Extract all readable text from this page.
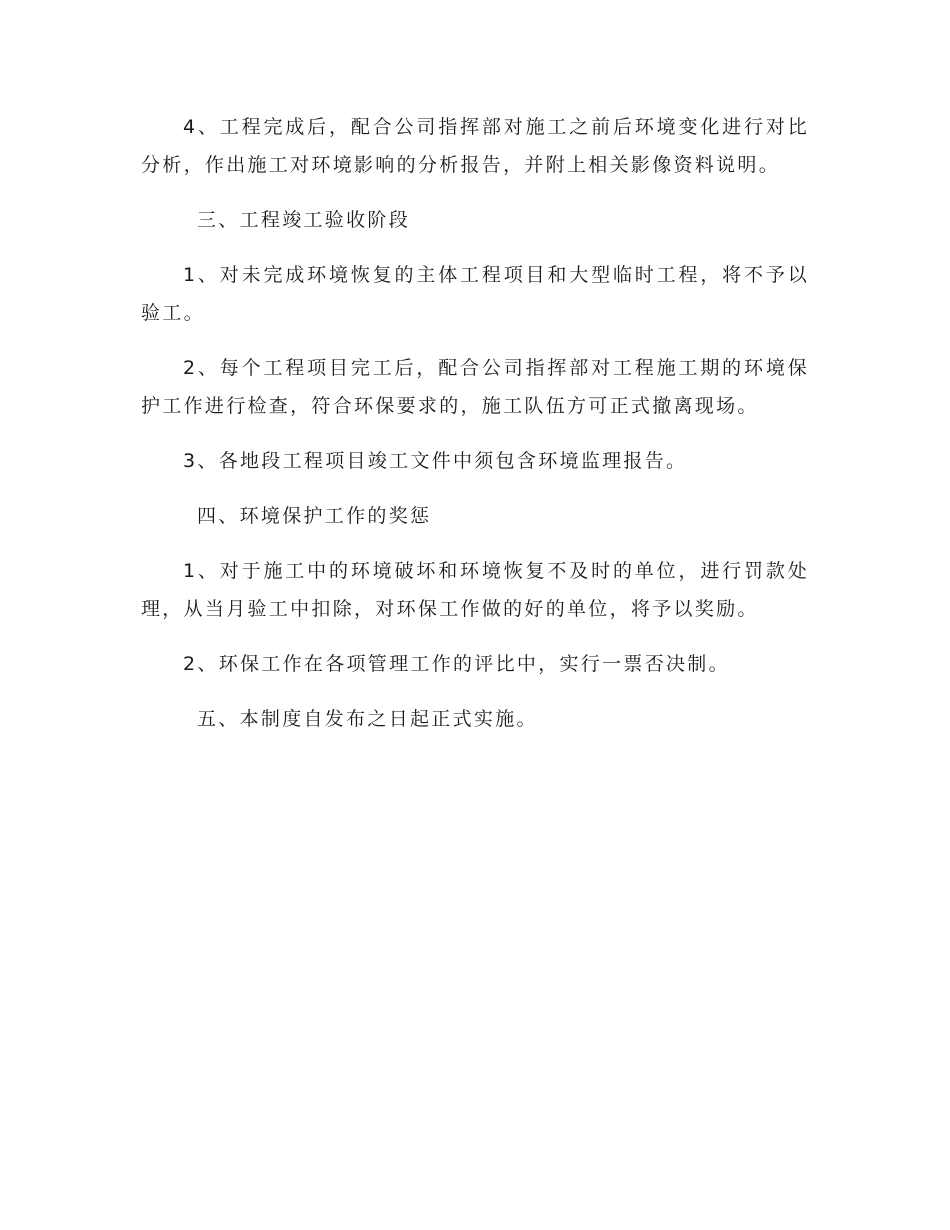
4、工程完成后，配合公司指挥部对施工之前后环境变化进行对比分析，作出施工对环境影响的分析报告，并附上相关影像资料说明。

三、工程竣工验收阶段

1、对未完成环境恢复的主体工程项目和大型临时工程，将不予以验工。

2、每个工程项目完工后，配合公司指挥部对工程施工期的环境保护工作进行检查，符合环保要求的，施工队伍方可正式撤离现场。

3、各地段工程项目竣工文件中须包含环境监理报告。

四、环境保护工作的奖惩

1、对于施工中的环境破坏和环境恢复不及时的单位，进行罚款处理，从当月验工中扣除，对环保工作做的好的单位，将予以奖励。

2、环保工作在各项管理工作的评比中，实行一票否决制。

五、本制度自发布之日起正式实施。
